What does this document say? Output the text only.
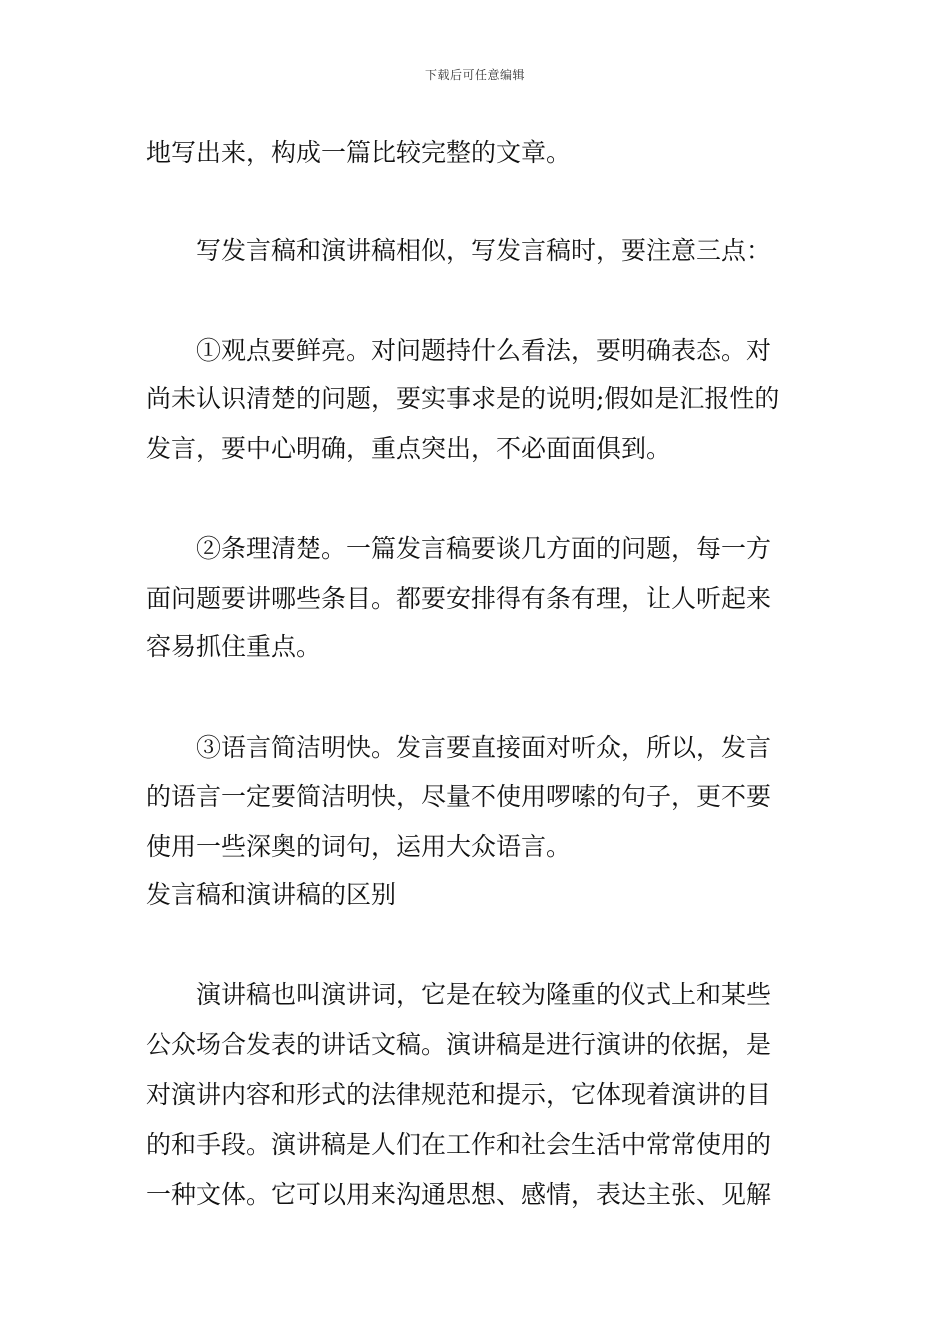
下载后可任意编辑
地写出来，构成一篇比较完整的文章。
写发言稿和演讲稿相似，写发言稿时，要注意三点：
①观点要鲜亮。对问题持什么看法，要明确表态。对
尚未认识清楚的问题，要实事求是的说明;假如是汇报性的
发言，要中心明确，重点突出，不必面面俱到。
②条理清楚。一篇发言稿要谈几方面的问题，每一方
面问题要讲哪些条目。都要安排得有条有理，让人听起来
容易抓住重点。
③语言简洁明快。发言要直接面对听众，所以，发言
的语言一定要简洁明快，尽量不使用啰嗦的句子，更不要
使用一些深奥的词句，运用大众语言。
发言稿和演讲稿的区别
演讲稿也叫演讲词，它是在较为隆重的仪式上和某些
公众场合发表的讲话文稿。演讲稿是进行演讲的依据，是
对演讲内容和形式的法律规范和提示，它体现着演讲的目
的和手段。演讲稿是人们在工作和社会生活中常常使用的
一种文体。它可以用来沟通思想、感情，表达主张、见解
